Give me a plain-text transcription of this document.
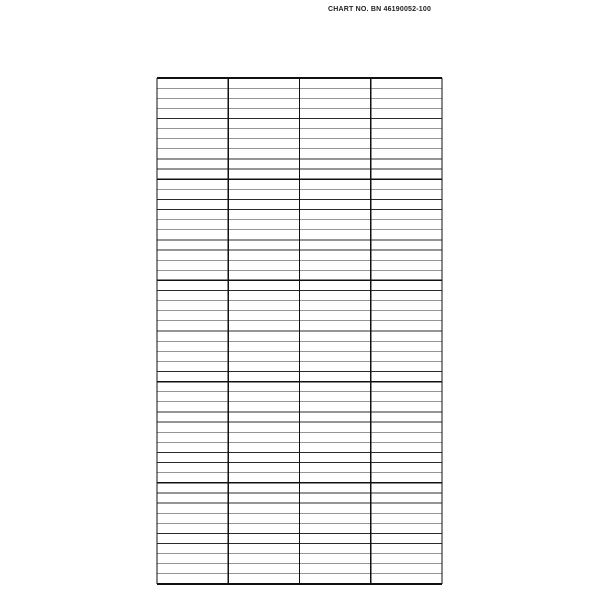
CHART NO. BN 46190052-100
